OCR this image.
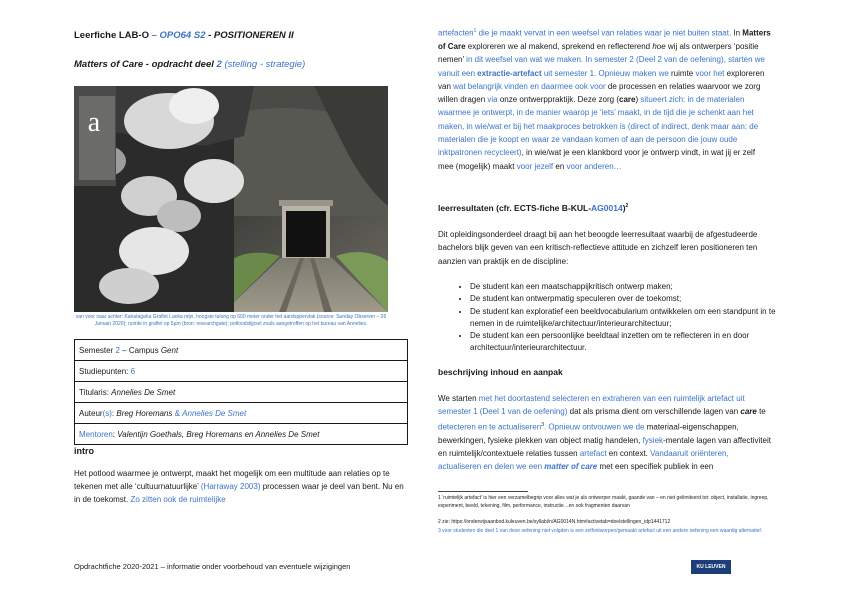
Leerfiche LAB-O – OPO64 S2 - POSITIONEREN II
Matters of Care - opdracht deel 2 (stelling - strategie)
a
van voor naar achter: Kahatagaha Graflet Lanka mijn, hoogste talong op 600 meter onder het aardoppervlak (source: Sunday Observer – 26 Januari 2020); ruimte in graflet op 5µm (bron: researchgate); potloodslijpsel zoals aangetroffen op het bureau van Annelies.
Semester 2 – Campus Gent
Studiepunten: 6
Titularis: Annelies De Smet
Auteur(s): Breg Horemans & Annelies De Smet
Mentoren: Valentijn Goethals, Breg Horemans en Annelies De Smet
intro
Het potlood waarmee je ontwerpt, maakt het mogelijk om een multitude aan relaties op te tekenen met alle ‘cultuurnatuurlijke’ (Harraway 2003) processen waar je deel van bent. Nu en in de toekomst. Zo zitten ook de ruimtelijke
artefacten$^1$ die je maakt vervat in een weefsel van relaties waar je niet buiten staat. In Matters of Care exploreren we al makend, sprekend en reflecterend hoe wij als ontwerpers ‘positie nemen’ in dit weefsel van wat we maken. In semester 2 (Deel 2 van de oefening), starten we vanuit een extractie-artefact uit semester 1. Opnieuw maken we ruimte voor het exploreren van wat belangrijk vinden en daarmee ook voor de processen en relaties waarvoor we zorg willen dragen via onze ontwerppraktijk. Deze zorg (care) situeert zich: in de materialen waarmee je ontwerpt, in de manier waarop je ‘iets’ maakt, in de tijd die je schenkt aan het maken, in wie/wat er bij het maakproces betrokken is (direct of indirect, denk maar aan: de materialen die je koopt en waar ze vandaan komen of aan de persoon die jouw oude inktpatronen recycleert), in wie/wat je een klankbord voor je ontwerp vindt, in wat jij er zelf mee (mogelijk) maakt voor jezelf en voor anderen…
leerresultaten (cfr. ECTS-fiche B-KUL-AG0014)$^2$
Dit opleidingsonderdeel draagt bij aan het beoogde leerresultaat waarbij de afgestudeerde bachelors blijk geven van een kritisch-reflectieve attitude en zichzelf leren positioneren ten aanzien van praktijk en de discipline:
• De student kan een maatschappijkritisch ontwerp maken;
• De student kan ontwerpmatig speculeren over de toekomst;
• De student kan exploratief een beeldvocabularium ontwikkelen om een standpunt in te nemen in de ruimtelijke/architectuur/interieurarchitectuur;
• De student kan een persoonlijke beeldtaal inzetten om te reflecteren in en door architectuur/interieurarchitectuur.
beschrijving inhoud en aanpak
We starten met het doortastend selecteren en extraheren van een ruimtelijk artefact uit semester 1 (Deel 1 van de oefening) dat als prisma dient om verschillende lagen van care te detecteren en te actualiseren$^3$. Opnieuw ontvouwen we de materiaal-eigenschappen, bewerkingen, fysieke plekken van object matig handelen, fysiek-mentale lagen van affectiviteit en ruimtelijk/contextuele relaties tussen artefact en context. Vandaaruit oriënteren, actualiseren en delen we een matter of care met een specifiek publiek in een
1 ‘ruimtelijk artefact’ is hier een verzamelbegrip voor alles wat je als ontwerper maakt, gaande van – en niet gelimiteerd tot: object, installatie, ingreep, experiment, beeld, tekening, film, performance, instructie…en ook fragmenten daarvan
2 zie: https://onderwijsaanbod.kuleuven.be/syllabi/n/AG0014N.htm#activetab=doelstellingen_idp1441712
3 voor studenten die deel 1 van deze oefening niet volgden is een zelfontworpen/gemaakt artefact uit een andere oefening een waardig alternatief.
Opdrachtfiche 2020-2021 – informatie onder voorbehoud van eventuele wijzigingen	KU LEUVEN
